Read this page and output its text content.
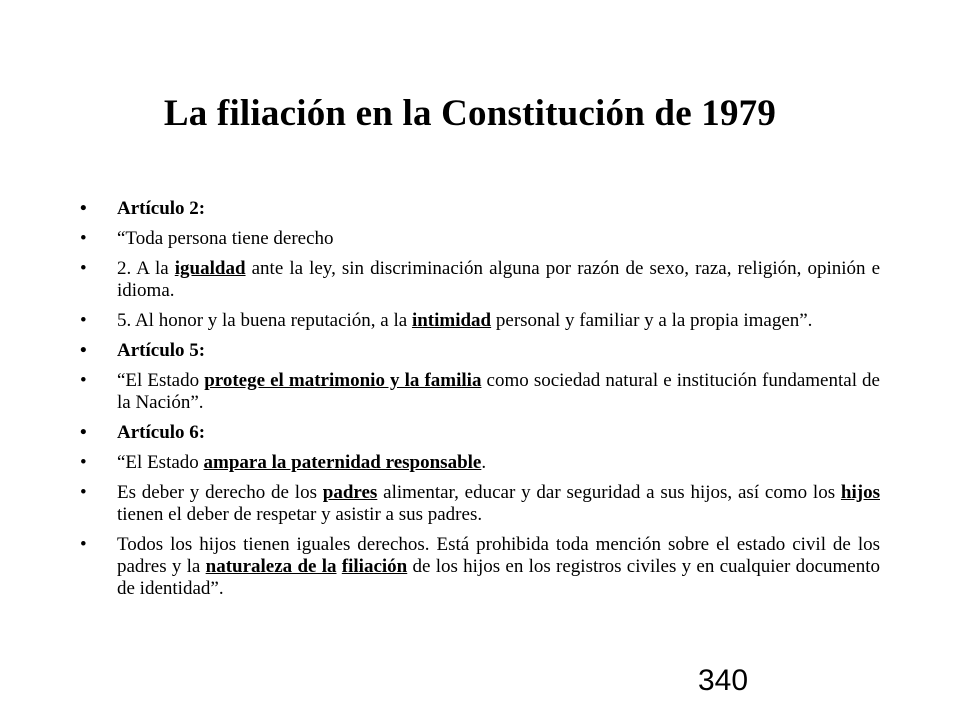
La filiación en la Constitución de 1979
•	Artículo 2:
•	“Toda persona tiene derecho
•	2. A la igualdad ante la ley, sin discriminación alguna por razón de sexo, raza, religión, opinión e idioma.
•	5. Al honor y la buena reputación, a la intimidad personal y familiar y a la propia imagen”.
•	Artículo 5:
•	“El Estado protege el matrimonio y la familia como sociedad natural e institución fundamental de la Nación”.
•	Artículo 6:
•	“El Estado ampara la paternidad responsable.
•	Es deber y derecho de los padres alimentar, educar y dar seguridad a sus hijos, así como los hijos tienen el deber de respetar y asistir a sus padres.
•	Todos los hijos tienen iguales derechos. Está prohibida toda mención sobre el estado civil de los padres y la naturaleza de la filiación de los hijos en los registros civiles y en cualquier documento de identidad”.
340
